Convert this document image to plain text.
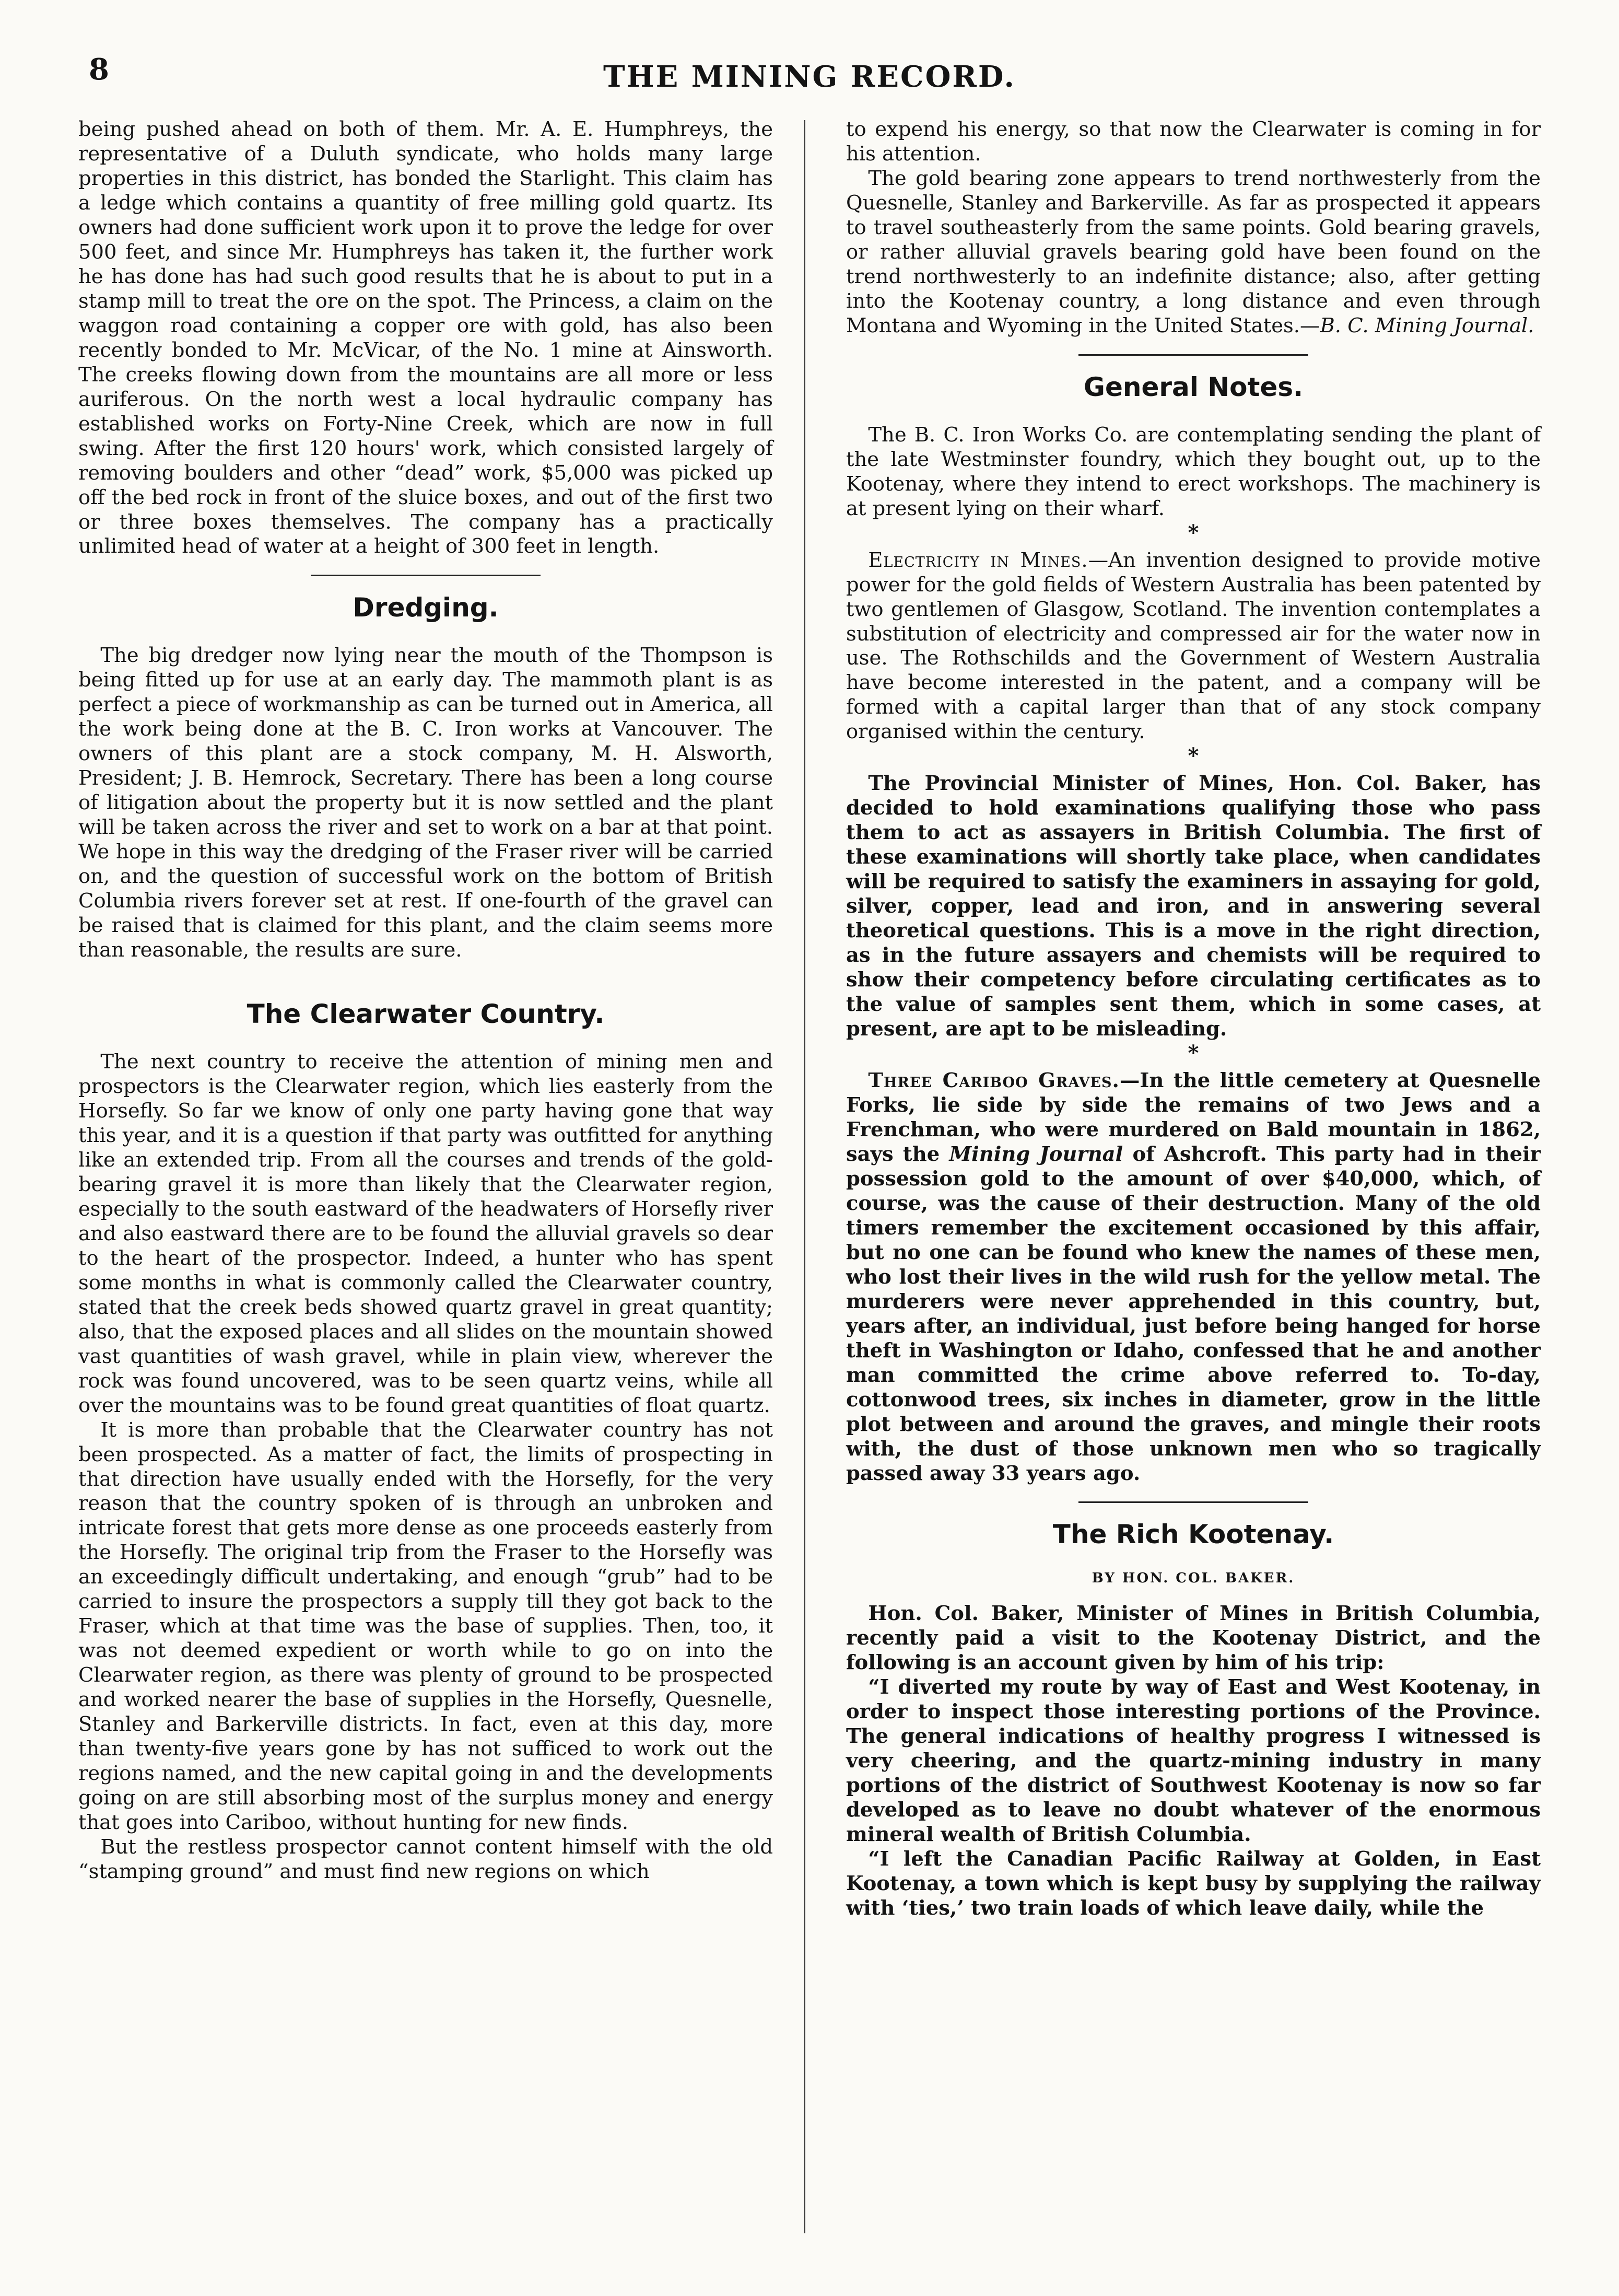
8	THE MINING RECORD.

being pushed ahead on both of them. Mr. A. E. Humphreys, the representative of a Duluth syndicate, who holds many large properties in this district, has bonded the Starlight. This claim has a ledge which contains a quantity of free milling gold quartz. Its owners had done sufficient work upon it to prove the ledge for over 500 feet, and since Mr. Humphreys has taken it, the further work he has done has had such good results that he is about to put in a stamp mill to treat the ore on the spot. The Princess, a claim on the waggon road containing a copper ore with gold, has also been recently bonded to Mr. McVicar, of the No. 1 mine at Ainsworth. The creeks flowing down from the mountains are all more or less auriferous. On the north west a local hydraulic company has established works on Forty-Nine Creek, which are now in full swing. After the first 120 hours' work, which consisted largely of removing boulders and other “dead” work, $5,000 was picked up off the bed rock in front of the sluice boxes, and out of the first two or three boxes themselves. The company has a practically unlimited head of water at a height of 300 feet in length.

Dredging.

The big dredger now lying near the mouth of the Thompson is being fitted up for use at an early day. The mammoth plant is as perfect a piece of workmanship as can be turned out in America, all the work being done at the B. C. Iron works at Vancouver. The owners of this plant are a stock company, M. H. Alsworth, President; J. B. Hemrock, Secretary. There has been a long course of litigation about the property but it is now settled and the plant will be taken across the river and set to work on a bar at that point. We hope in this way the dredging of the Fraser river will be carried on, and the question of successful work on the bottom of British Columbia rivers forever set at rest. If one-fourth of the gravel can be raised that is claimed for this plant, and the claim seems more than reasonable, the results are sure.

The Clearwater Country.

The next country to receive the attention of mining men and prospectors is the Clearwater region, which lies easterly from the Horsefly. So far we know of only one party having gone that way this year, and it is a question if that party was outfitted for anything like an extended trip. From all the courses and trends of the gold-bearing gravel it is more than likely that the Clearwater region, especially to the south eastward of the headwaters of Horsefly river and also eastward there are to be found the alluvial gravels so dear to the heart of the prospector. Indeed, a hunter who has spent some months in what is commonly called the Clearwater country, stated that the creek beds showed quartz gravel in great quantity; also, that the exposed places and all slides on the mountain showed vast quantities of wash gravel, while in plain view, wherever the rock was found uncovered, was to be seen quartz veins, while all over the mountains was to be found great quantities of float quartz.

It is more than probable that the Clearwater country has not been prospected. As a matter of fact, the limits of prospecting in that direction have usually ended with the Horsefly, for the very reason that the country spoken of is through an unbroken and intricate forest that gets more dense as one proceeds easterly from the Horsefly. The original trip from the Fraser to the Horsefly was an exceedingly difficult undertaking, and enough “grub” had to be carried to insure the prospectors a supply till they got back to the Fraser, which at that time was the base of supplies. Then, too, it was not deemed expedient or worth while to go on into the Clearwater region, as there was plenty of ground to be prospected and worked nearer the base of supplies in the Horsefly, Quesnelle, Stanley and Barkerville districts. In fact, even at this day, more than twenty-five years gone by has not sufficed to work out the regions named, and the new capital going in and the developments going on are still absorbing most of the surplus money and energy that goes into Cariboo, without hunting for new finds.

But the restless prospector cannot content himself with the old “stamping ground” and must find new regions on which

to expend his energy, so that now the Clearwater is coming in for his attention.

The gold bearing zone appears to trend northwesterly from the Quesnelle, Stanley and Barkerville. As far as prospected it appears to travel southeasterly from the same points. Gold bearing gravels, or rather alluvial gravels bearing gold have been found on the trend northwesterly to an indefinite distance; also, after getting into the Kootenay country, a long distance and even through Montana and Wyoming in the United States.—B. C. Mining Journal.

General Notes.

The B. C. Iron Works Co. are contemplating sending the plant of the late Westminster foundry, which they bought out, up to the Kootenay, where they intend to erect workshops. The machinery is at present lying on their wharf.

*

Electricity in Mines.—An invention designed to provide motive power for the gold fields of Western Australia has been patented by two gentlemen of Glasgow, Scotland. The invention contemplates a substitution of electricity and compressed air for the water now in use. The Rothschilds and the Government of Western Australia have become interested in the patent, and a company will be formed with a capital larger than that of any stock company organised within the century.

*

The Provincial Minister of Mines, Hon. Col. Baker, has decided to hold examinations qualifying those who pass them to act as assayers in British Columbia. The first of these examinations will shortly take place, when candidates will be required to satisfy the examiners in assaying for gold, silver, copper, lead and iron, and in answering several theoretical questions. This is a move in the right direction, as in the future assayers and chemists will be required to show their competency before circulating certificates as to the value of samples sent them, which in some cases, at present, are apt to be misleading.

*

Three Cariboo Graves.—In the little cemetery at Quesnelle Forks, lie side by side the remains of two Jews and a Frenchman, who were murdered on Bald mountain in 1862, says the Mining Journal of Ashcroft. This party had in their possession gold to the amount of over $40,000, which, of course, was the cause of their destruction. Many of the old timers remember the excitement occasioned by this affair, but no one can be found who knew the names of these men, who lost their lives in the wild rush for the yellow metal. The murderers were never apprehended in this country, but, years after, an individual, just before being hanged for horse theft in Washington or Idaho, confessed that he and another man committed the crime above referred to. To-day, cottonwood trees, six inches in diameter, grow in the little plot between and around the graves, and mingle their roots with, the dust of those unknown men who so tragically passed away 33 years ago.

The Rich Kootenay.
BY HON. COL. BAKER.

Hon. Col. Baker, Minister of Mines in British Columbia, recently paid a visit to the Kootenay District, and the following is an account given by him of his trip:

“I diverted my route by way of East and West Kootenay, in order to inspect those interesting portions of the Province. The general indications of healthy progress I witnessed is very cheering, and the quartz-mining industry in many portions of the district of Southwest Kootenay is now so far developed as to leave no doubt whatever of the enormous mineral wealth of British Columbia.

“I left the Canadian Pacific Railway at Golden, in East Kootenay, a town which is kept busy by supplying the railway with ‘ties,’ two train loads of which leave daily, while the
